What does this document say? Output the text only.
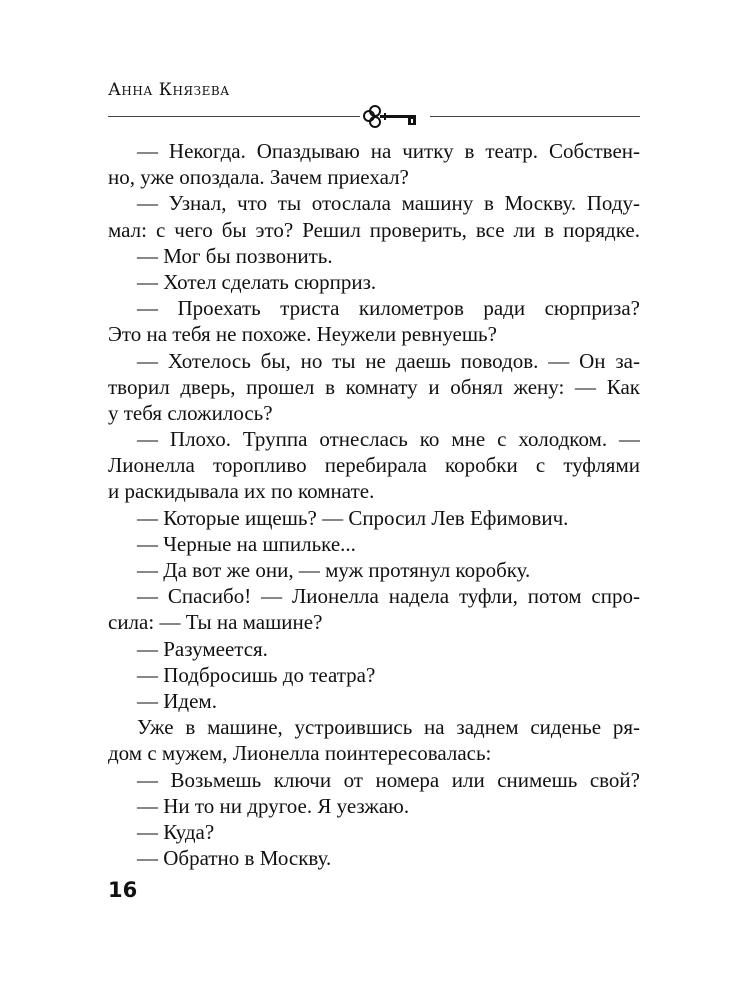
Анна Князева
— Некогда. Опаздываю на читку в театр. Собствен-
но, уже опоздала. Зачем приехал?
— Узнал, что ты отослала машину в Москву. Поду-
мал: с чего бы это? Решил проверить, все ли в порядке.
— Мог бы позвонить.
— Хотел сделать сюрприз.
— Проехать триста километров ради сюрприза?
Это на тебя не похоже. Неужели ревнуешь?
— Хотелось бы, но ты не даешь поводов. — Он за-
творил дверь, прошел в комнату и обнял жену: — Как
у тебя сложилось?
— Плохо. Труппа отнеслась ко мне с холодком. —
Лионелла торопливо перебирала коробки с туфлями
и раскидывала их по комнате.
— Которые ищешь? — Спросил Лев Ефимович.
— Черные на шпильке...
— Да вот же они, — муж протянул коробку.
— Спасибо! — Лионелла надела туфли, потом спро-
сила: — Ты на машине?
— Разумеется.
— Подбросишь до театра?
— Идем.
Уже в машине, устроившись на заднем сиденье ря-
дом с мужем, Лионелла поинтересовалась:
— Возьмешь ключи от номера или снимешь свой?
— Ни то ни другое. Я уезжаю.
— Куда?
— Обратно в Москву.
16
